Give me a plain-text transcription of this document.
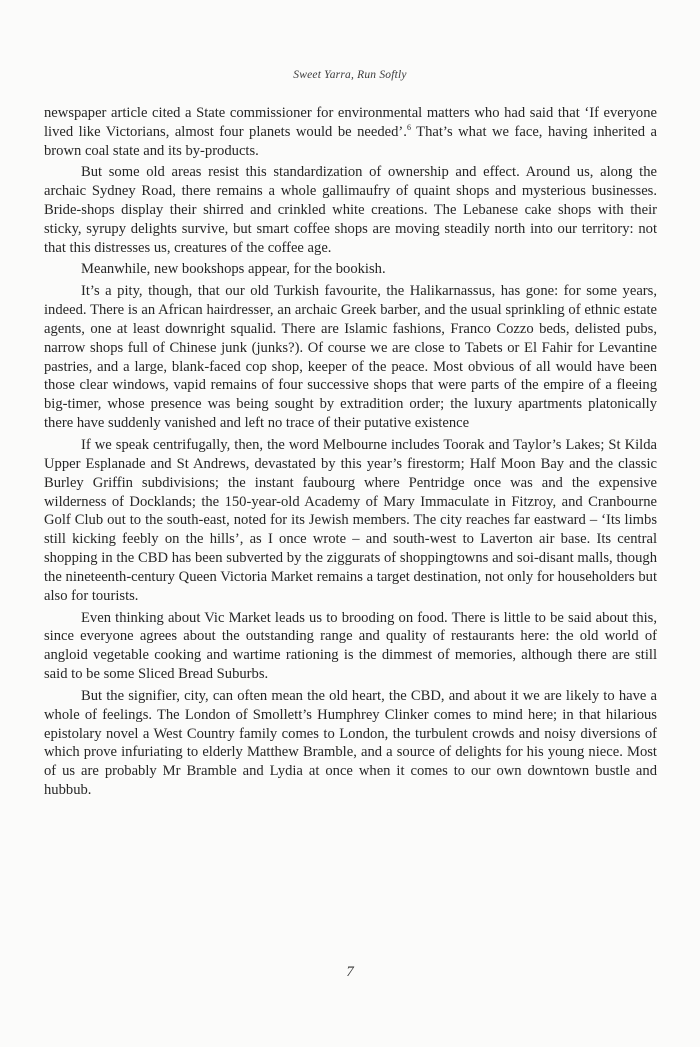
Sweet Yarra, Run Softly

newspaper article cited a State commissioner for environmental matters who had said that ‘If everyone lived like Victorians, almost four planets would be needed’.$^6$ That’s what we face, having inherited a brown coal state and its by-products.

But some old areas resist this standardization of ownership and effect. Around us, along the archaic Sydney Road, there remains a whole gallimaufry of quaint shops and mysterious businesses. Bride-shops display their shirred and crinkled white creations. The Lebanese cake shops with their sticky, syrupy delights survive, but smart coffee shops are moving steadily north into our territory: not that this distresses us, creatures of the coffee age.

Meanwhile, new bookshops appear, for the bookish.

It’s a pity, though, that our old Turkish favourite, the Halikarnassus, has gone: for some years, indeed. There is an African hairdresser, an archaic Greek barber, and the usual sprinkling of ethnic estate agents, one at least downright squalid. There are Islamic fashions, Franco Cozzo beds, delisted pubs, narrow shops full of Chinese junk (junks?). Of course we are close to Tabets or El Fahir for Levantine pastries, and a large, blank-faced cop shop, keeper of the peace. Most obvious of all would have been those clear windows, vapid remains of four successive shops that were parts of the empire of a fleeing big-timer, whose presence was being sought by extradition order; the luxury apartments platonically there have suddenly vanished and left no trace of their putative existence

If we speak centrifugally, then, the word Melbourne includes Toorak and Taylor’s Lakes; St Kilda Upper Esplanade and St Andrews, devastated by this year’s firestorm; Half Moon Bay and the classic Burley Griffin subdivisions; the instant faubourg where Pentridge once was and the expensive wilderness of Docklands; the 150-year-old Academy of Mary Immaculate in Fitzroy, and Cranbourne Golf Club out to the south-east, noted for its Jewish members. The city reaches far eastward – ‘Its limbs still kicking feebly on the hills’, as I once wrote – and south-west to Laverton air base. Its central shopping in the CBD has been subverted by the ziggurats of shoppingtowns and soi-disant malls, though the nineteenth-century Queen Victoria Market remains a target destination, not only for householders but also for tourists.

Even thinking about Vic Market leads us to brooding on food. There is little to be said about this, since everyone agrees about the outstanding range and quality of restaurants here: the old world of angloid vegetable cooking and wartime rationing is the dimmest of memories, although there are still said to be some Sliced Bread Suburbs.

But the signifier, city, can often mean the old heart, the CBD, and about it we are likely to have a whole of feelings. The London of Smollett’s Humphrey Clinker comes to mind here; in that hilarious epistolary novel a West Country family comes to London, the turbulent crowds and noisy diversions of which prove infuriating to elderly Matthew Bramble, and a source of delights for his young niece. Most of us are probably Mr Bramble and Lydia at once when it comes to our own downtown bustle and hubbub.

7
